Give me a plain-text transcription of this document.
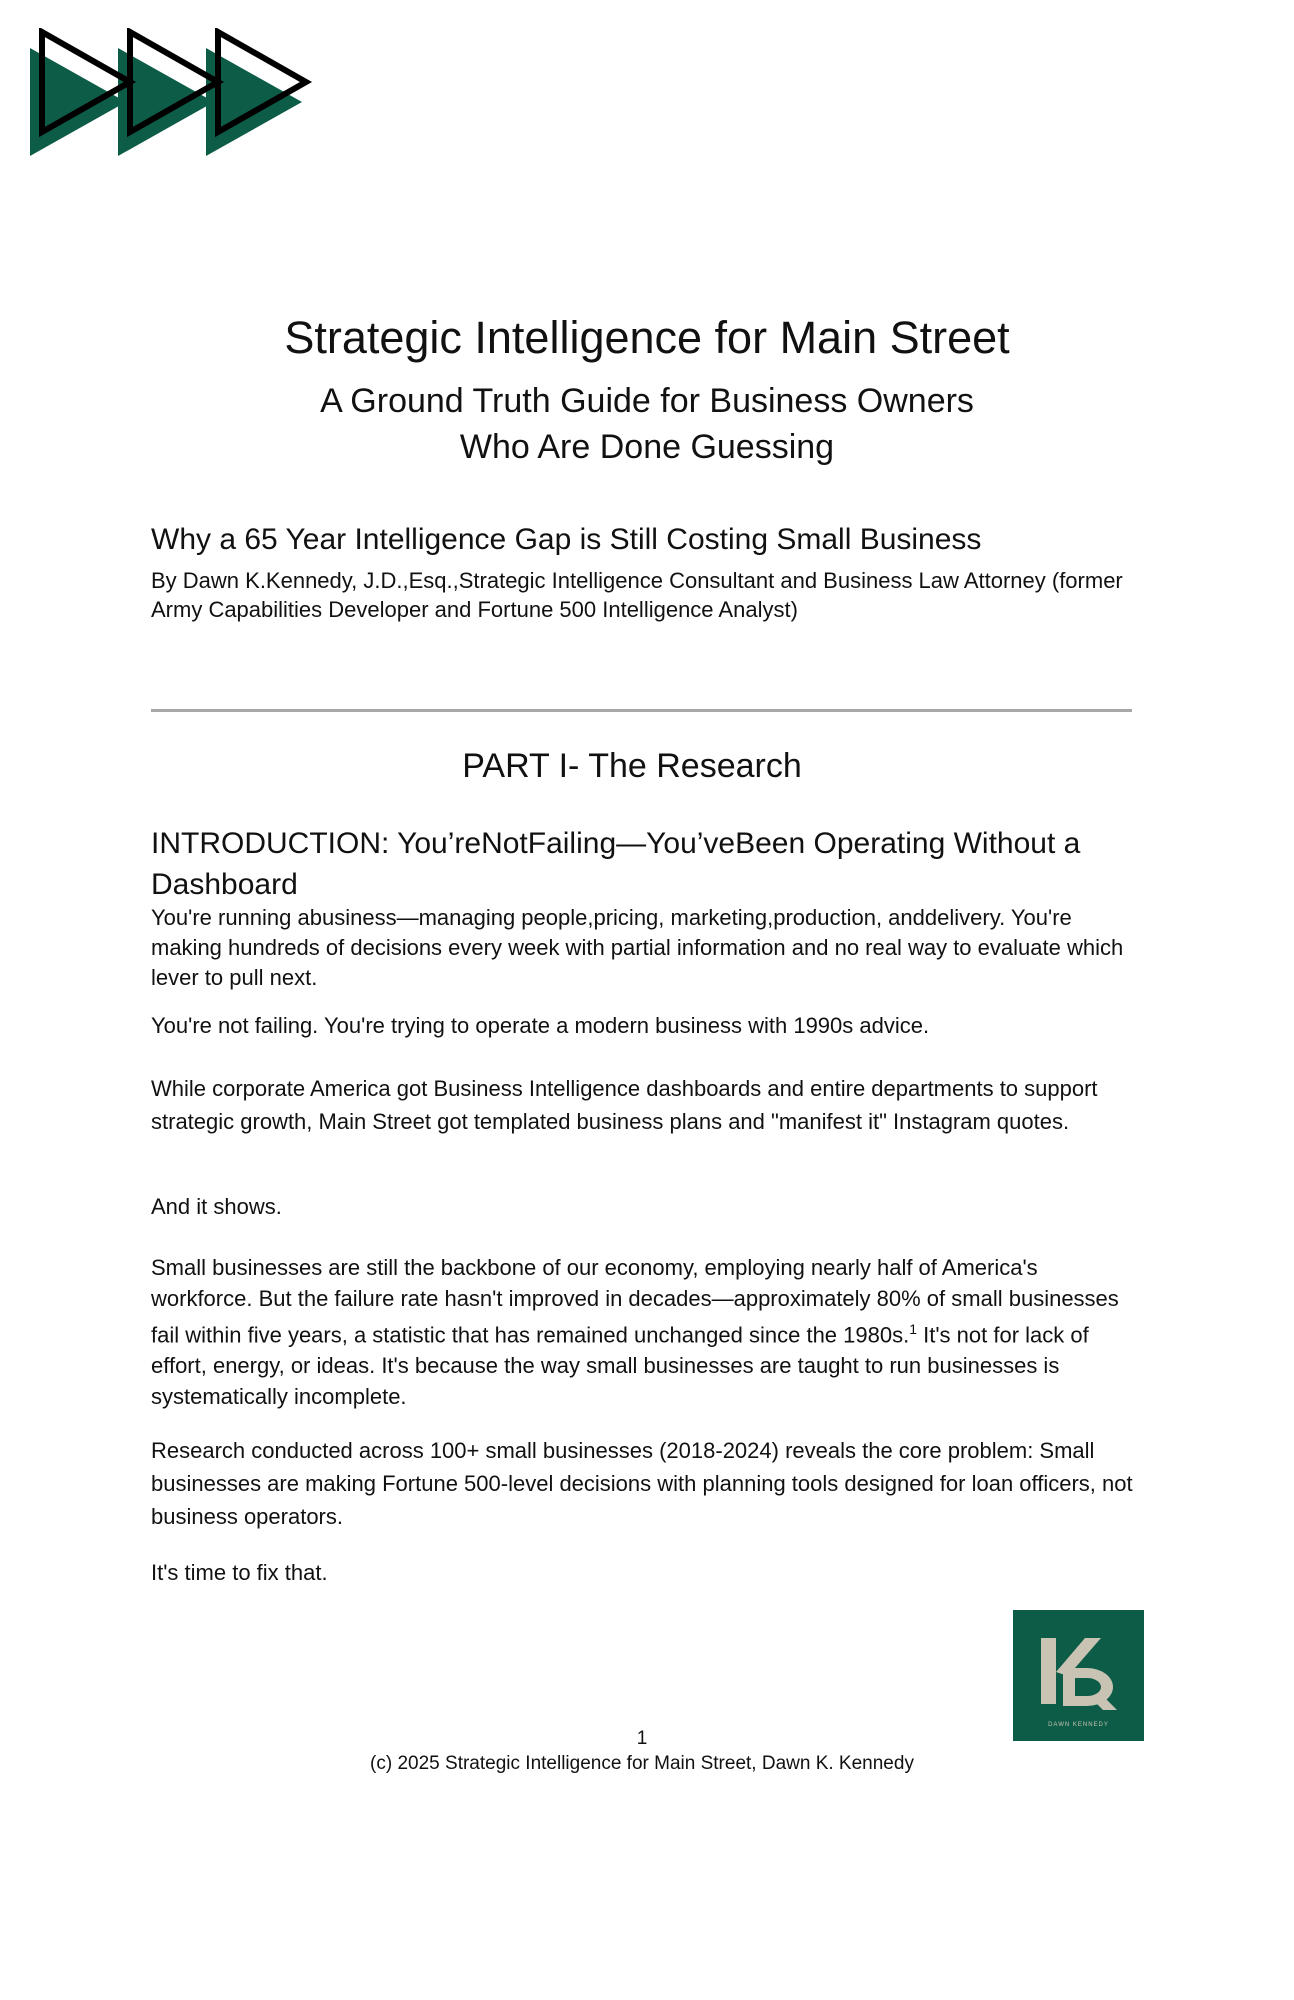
Strategic Intelligence for Main Street
A Ground Truth Guide for Business Owners
Who Are Done Guessing
Why a 65 Year Intelligence Gap is Still Costing Small Business

By Dawn K.Kennedy, J.D.,Esq.,Strategic Intelligence Consultant and Business Law Attorney (former Army Capabilities Developer and Fortune 500 Intelligence Analyst)

PART I- The Research
INTRODUCTION: You’reNotFailing—You’veBeen Operating Without a Dashboard

You're running abusiness—managing people,pricing, marketing,production, anddelivery. You're making hundreds of decisions every week with partial information and no real way to evaluate which lever to pull next.

You're not failing. You're trying to operate a modern business with 1990s advice.

While corporate America got Business Intelligence dashboards and entire departments to support strategic growth, Main Street got templated business plans and "manifest it" Instagram quotes.

And it shows.

Small businesses are still the backbone of our economy, employing nearly half of America's workforce. But the failure rate hasn't improved in decades—approximately 80% of small businesses fail within five years, a statistic that has remained unchanged since the 1980s.$^1$ It's not for lack of effort, energy, or ideas. It's because the way small businesses are taught to run businesses is systematically incomplete.

Research conducted across 100+ small businesses (2018-2024) reveals the core problem: Small businesses are making Fortune 500-level decisions with planning tools designed for loan officers, not business operators.

It's time to fix that.

DAWN KENNEDY
1
(c) 2025 Strategic Intelligence for Main Street, Dawn K. Kennedy
